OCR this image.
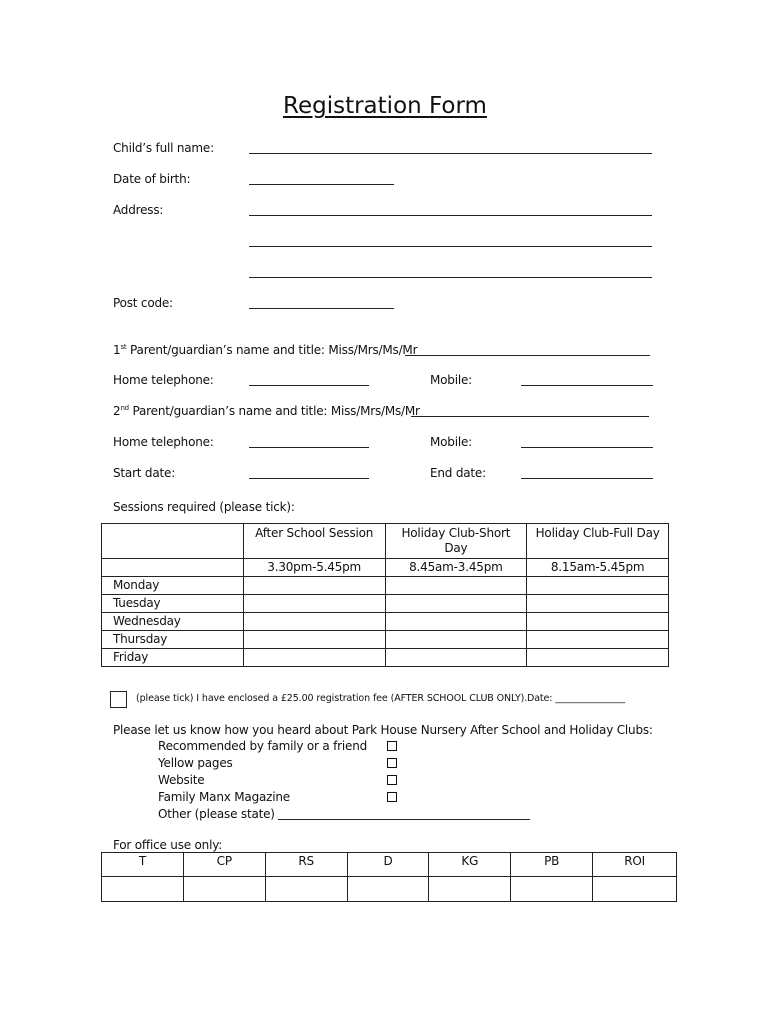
Registration Form
Child’s full name:
Date of birth:
Address:
Post code:
1st Parent/guardian’s name and title: Miss/Mrs/Ms/Mr
Home telephone:	Mobile:
2nd Parent/guardian’s name and title: Miss/Mrs/Ms/Mr
Home telephone:	Mobile:
Start date:	End date:
Sessions required (please tick):
	After School Session	Holiday Club-Short Day	Holiday Club-Full Day
	3.30pm-5.45pm	8.45am-3.45pm	8.15am-5.45pm
Monday			
Tuesday			
Wednesday			
Thursday			
Friday			
(please tick) I have enclosed a £25.00 registration fee (AFTER SCHOOL CLUB ONLY). Date: _______________
Please let us know how you heard about Park House Nursery After School and Holiday Clubs:
Recommended by family or a friend
Yellow pages
Website
Family Manx Magazine
Other (please state)
For office use only:
T	CP	RS	D	KG	PB	ROI
